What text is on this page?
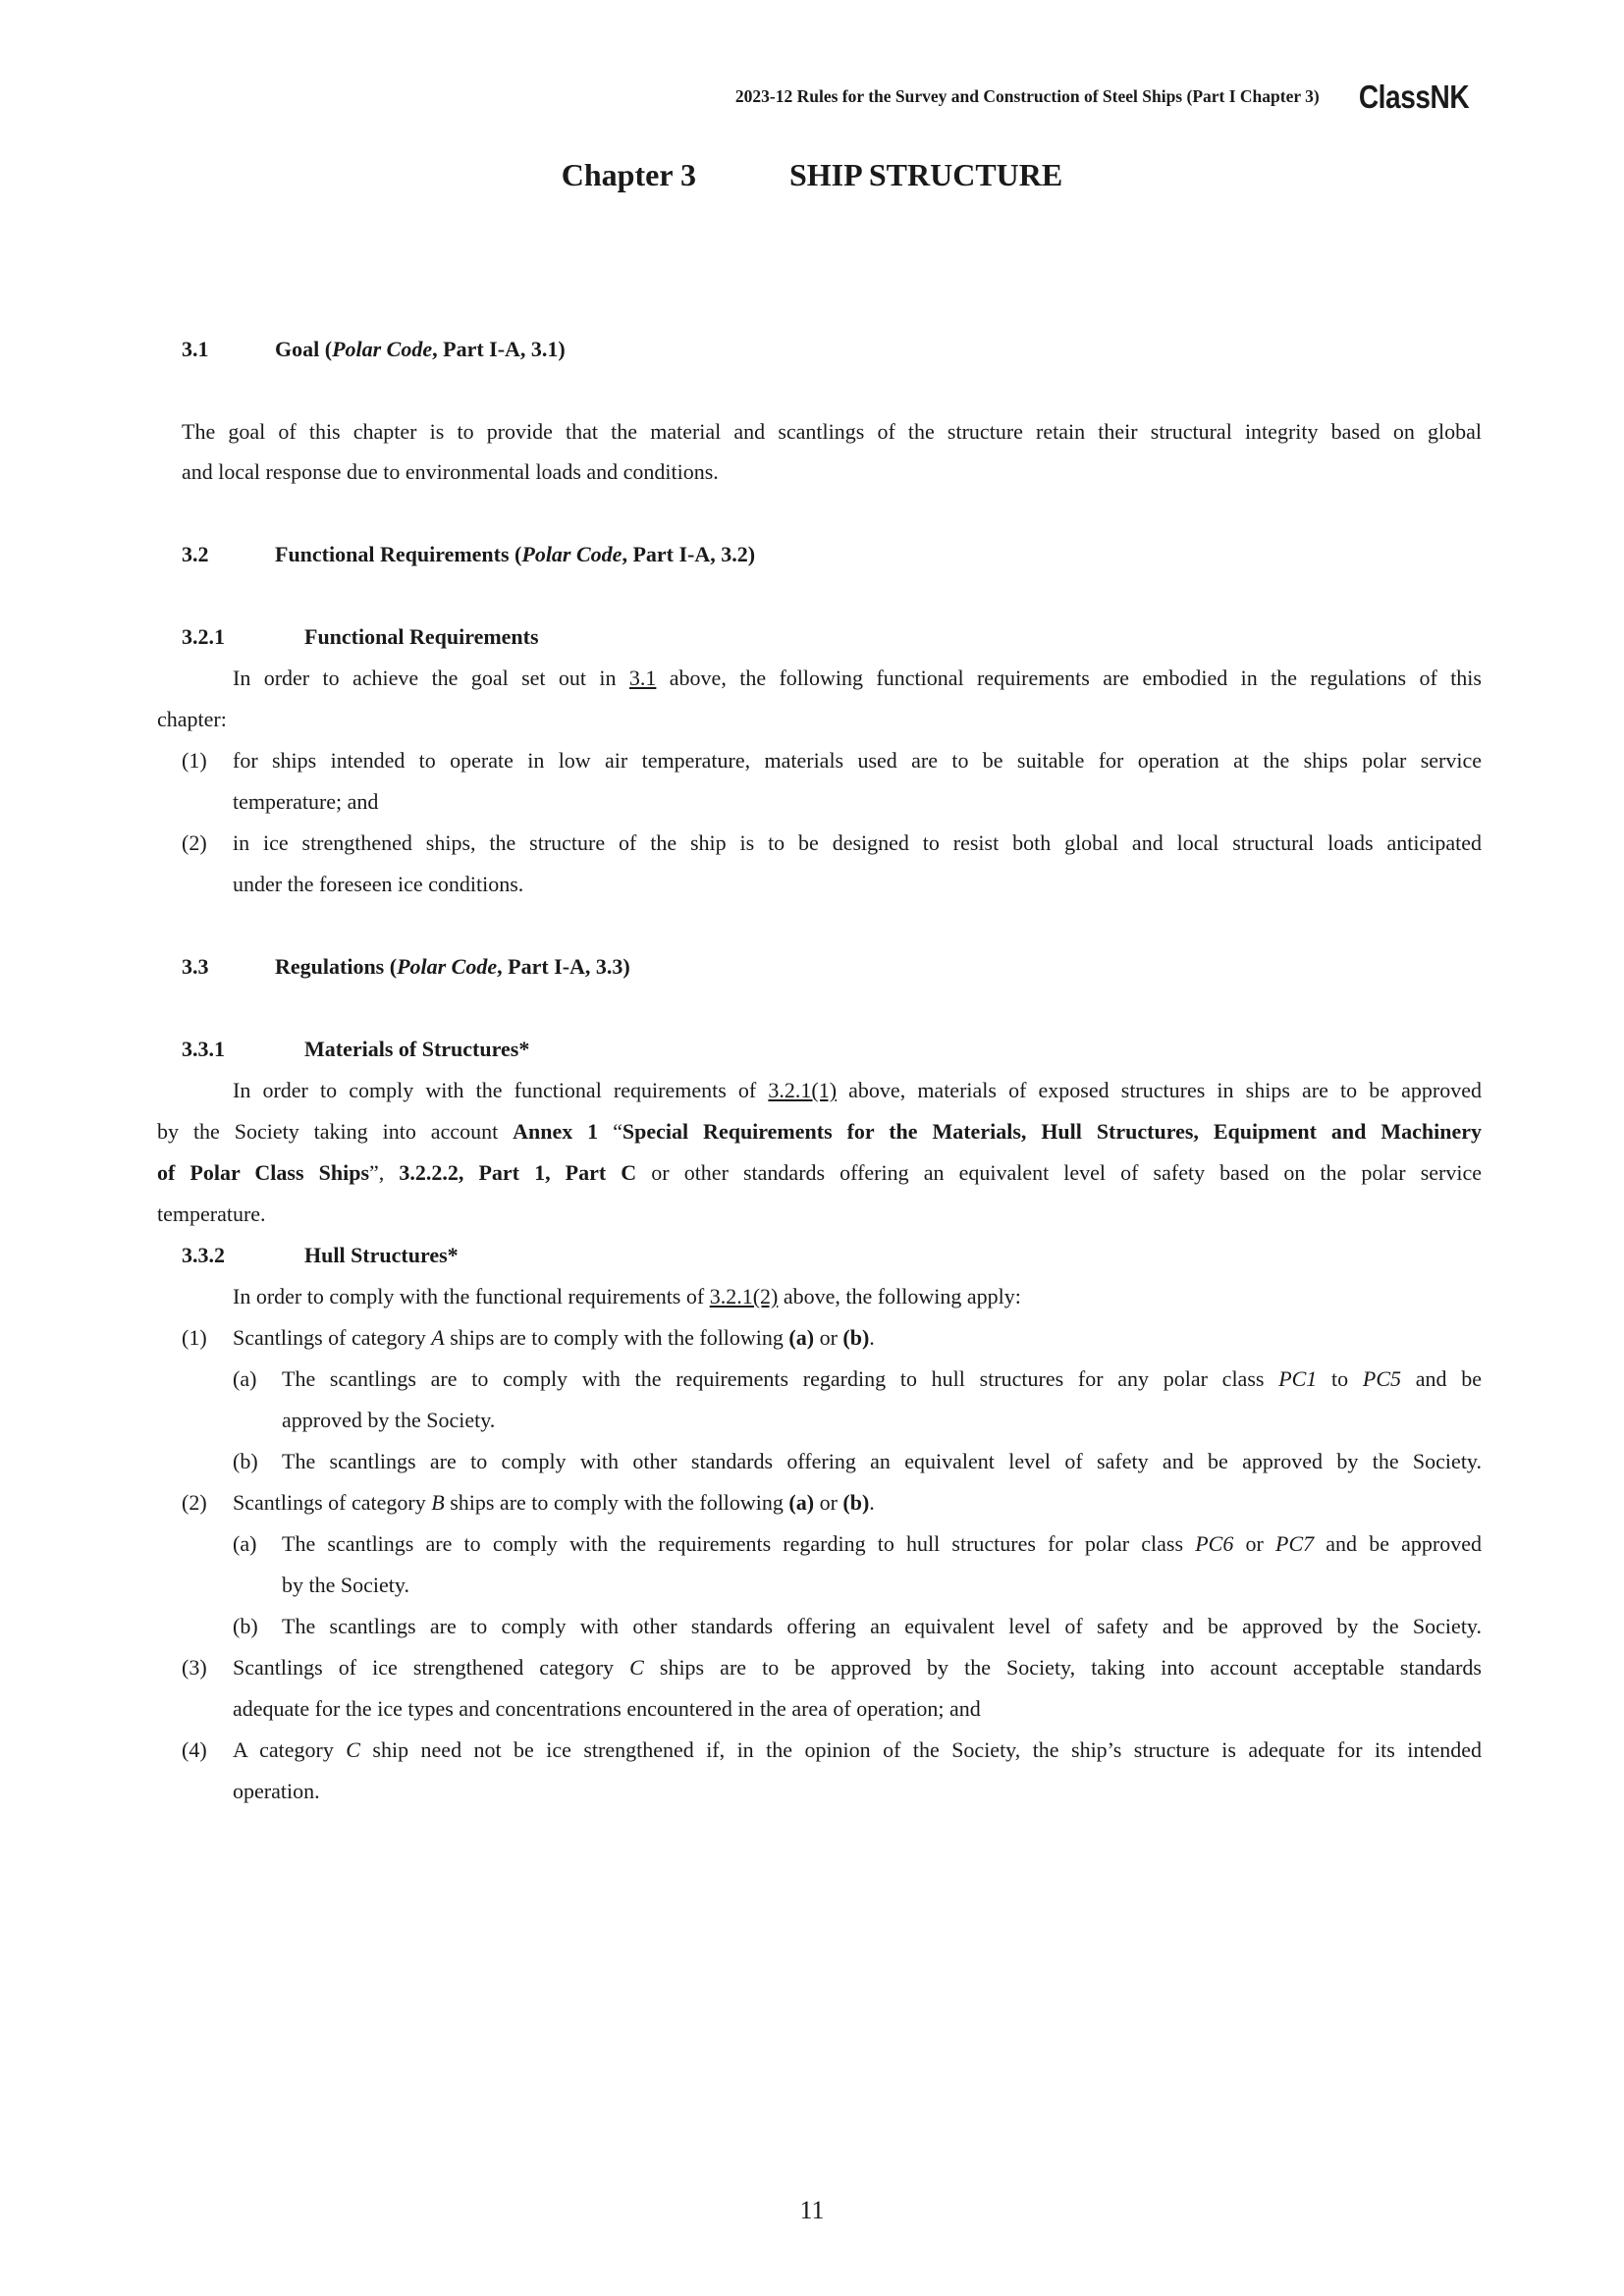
2023-12 Rules for the Survey and Construction of Steel Ships (Part I Chapter 3) ClassNK
Chapter 3	SHIP STRUCTURE
3.1	Goal (Polar Code, Part I-A, 3.1)
The goal of this chapter is to provide that the material and scantlings of the structure retain their structural integrity based on global
and local response due to environmental loads and conditions.
3.2	Functional Requirements (Polar Code, Part I-A, 3.2)
3.2.1	Functional Requirements
In order to achieve the goal set out in 3.1 above, the following functional requirements are embodied in the regulations of this
chapter:
(1) for ships intended to operate in low air temperature, materials used are to be suitable for operation at the ships polar service
temperature; and
(2) in ice strengthened ships, the structure of the ship is to be designed to resist both global and local structural loads anticipated
under the foreseen ice conditions.
3.3	Regulations (Polar Code, Part I-A, 3.3)
3.3.1	Materials of Structures*
In order to comply with the functional requirements of 3.2.1(1) above, materials of exposed structures in ships are to be approved
by the Society taking into account Annex 1 “Special Requirements for the Materials, Hull Structures, Equipment and Machinery
of Polar Class Ships”, 3.2.2.2, Part 1, Part C or other standards offering an equivalent level of safety based on the polar service
temperature.
3.3.2	Hull Structures*
In order to comply with the functional requirements of 3.2.1(2) above, the following apply:
(1) Scantlings of category A ships are to comply with the following (a) or (b).
(a) The scantlings are to comply with the requirements regarding to hull structures for any polar class PC1 to PC5 and be
approved by the Society.
(b) The scantlings are to comply with other standards offering an equivalent level of safety and be approved by the Society.
(2) Scantlings of category B ships are to comply with the following (a) or (b).
(a) The scantlings are to comply with the requirements regarding to hull structures for polar class PC6 or PC7 and be approved
by the Society.
(b) The scantlings are to comply with other standards offering an equivalent level of safety and be approved by the Society.
(3) Scantlings of ice strengthened category C ships are to be approved by the Society, taking into account acceptable standards
adequate for the ice types and concentrations encountered in the area of operation; and
(4) A category C ship need not be ice strengthened if, in the opinion of the Society, the ship’s structure is adequate for its intended
operation.
11
